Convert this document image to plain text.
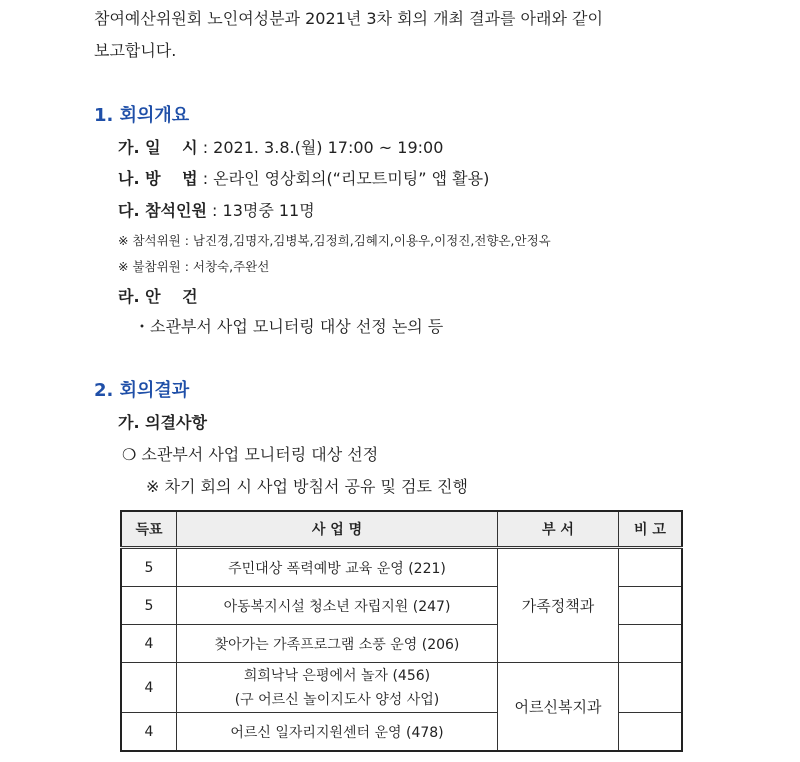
참여예산위원회 노인여성분과 2021년 3차 회의 개최 결과를 아래와 같이
보고합니다.
1. 회의개요
가. 일　 시 : 2021. 3.8.(월) 17:00 ~ 19:00
나. 방　 법 : 온라인 영상회의(“리모트미팅” 앱 활용)
다. 참석인원 : 13명중 11명
※ 참석위원 : 남진경,김명자,김병복,김정희,김혜지,이용우,이정진,전향온,안정옥
※ 불참위원 : 서창숙,주완선
라. 안　 건
・소관부서 사업 모니터링 대상 선정 논의 등
2. 회의결과
가. 의결사항
❍ 소관부서 사업 모니터링 대상 선정
※ 차기 회의 시 사업 방침서 공유 및 검토 진행
득표	사 업 명	부 서	비 고
5	주민대상 폭력예방 교육 운영 (221)	가족정책과	
5	아동복지시설 청소년 자립지원 (247)	
4	찾아가는 가족프로그램 소풍 운영 (206)	
4	
희희낙낙 은평에서 놀자 (456)
(구 어르신 놀이지도사 양성 사업)	어르신복지과	
4	어르신 일자리지원센터 운영 (478)	
